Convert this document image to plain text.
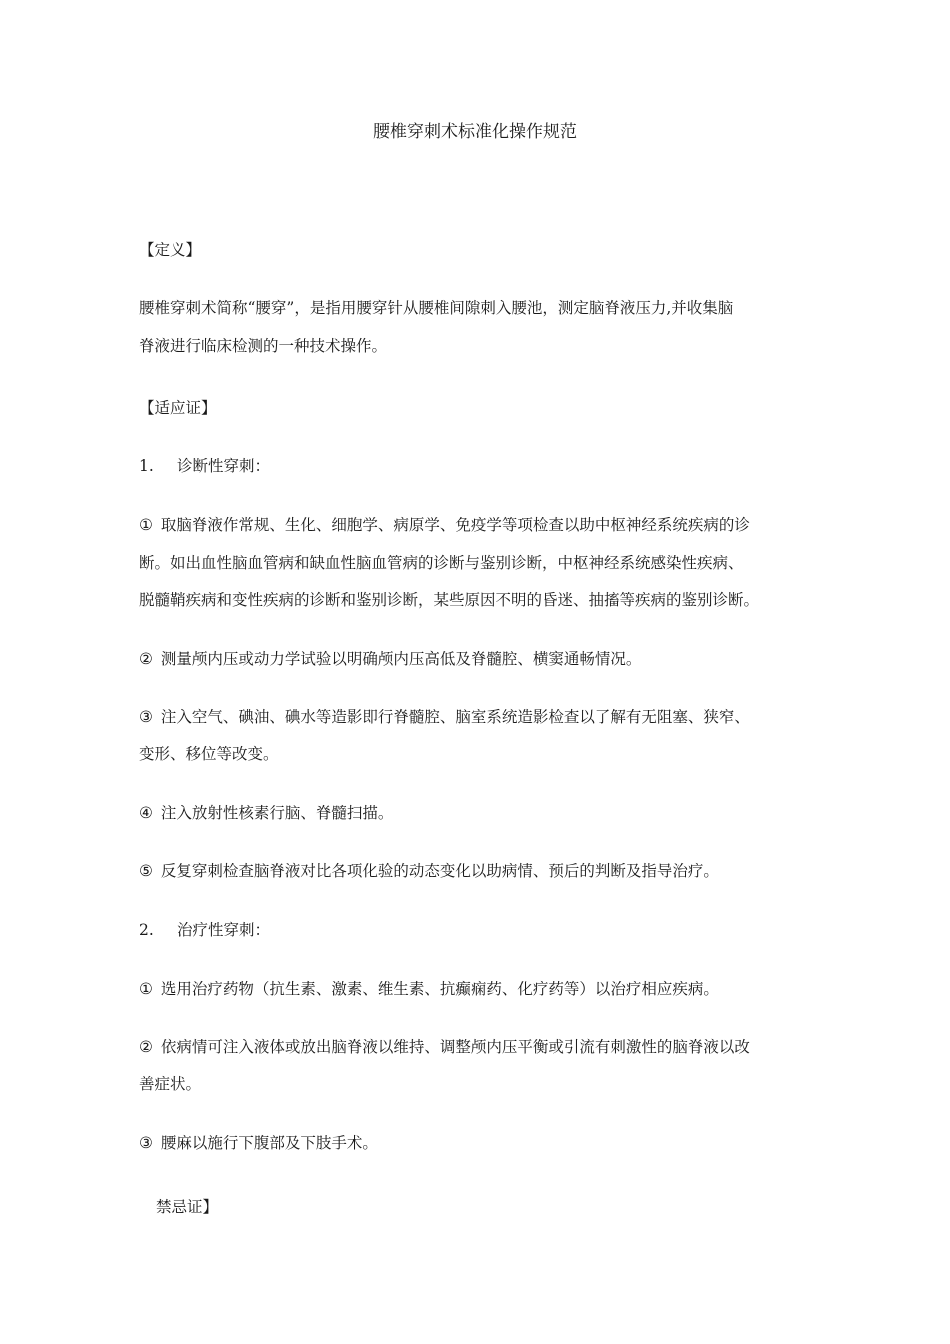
腰椎穿刺术标准化操作规范
【定义】
腰椎穿刺术简称“腰穿”，是指用腰穿针从腰椎间隙刺入腰池，测定脑脊液压力,并收集脑
脊液进行临床检测的一种技术操作。
【适应证】
1. 诊断性穿刺：
① 取脑脊液作常规、生化、细胞学、病原学、免疫学等项检查以助中枢神经系统疾病的诊
断。如出血性脑血管病和缺血性脑血管病的诊断与鉴别诊断，中枢神经系统感染性疾病、
脱髓鞘疾病和变性疾病的诊断和鉴别诊断，某些原因不明的昏迷、抽搐等疾病的鉴别诊断。
② 测量颅内压或动力学试验以明确颅内压高低及脊髓腔、横窦通畅情况。
③ 注入空气、碘油、碘水等造影即行脊髓腔、脑室系统造影检查以了解有无阻塞、狭窄、
变形、移位等改变。
④ 注入放射性核素行脑、脊髓扫描。
⑤ 反复穿刺检查脑脊液对比各项化验的动态变化以助病情、预后的判断及指导治疗。
2. 治疗性穿刺：
① 选用治疗药物（抗生素、激素、维生素、抗癫痫药、化疗药等）以治疗相应疾病。
② 依病情可注入液体或放出脑脊液以维持、调整颅内压平衡或引流有刺激性的脑脊液以改
善症状。
③ 腰麻以施行下腹部及下肢手术。
禁忌证】
